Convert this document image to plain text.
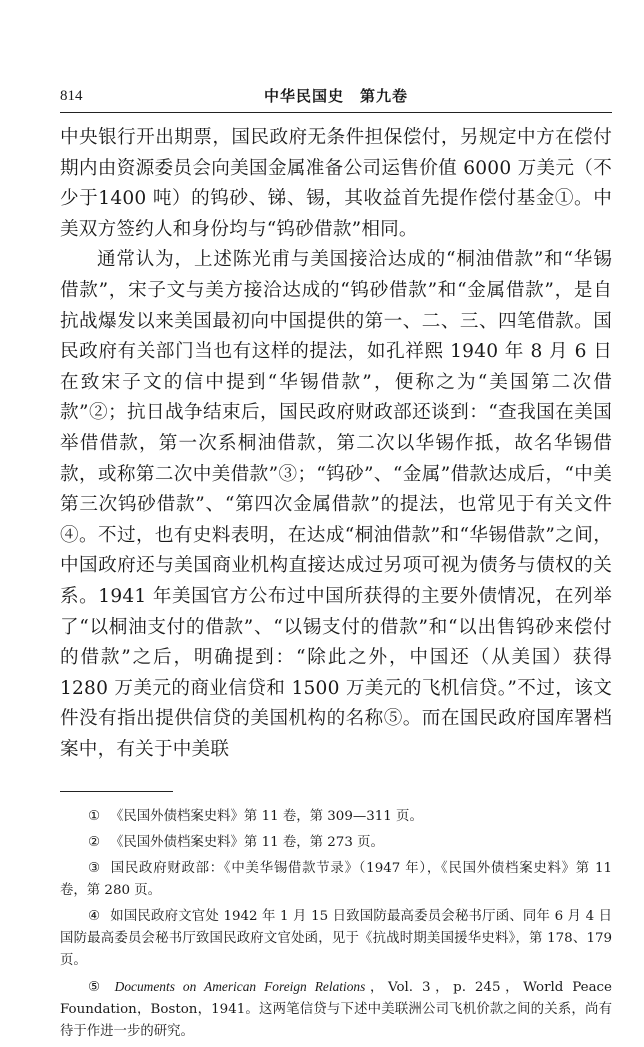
814	中华民国史　第九卷

中央银行开出期票，国民政府无条件担保偿付，另规定中方在偿付期内由资源委员会向美国金属准备公司运售价值 6000 万美元（不少于1400 吨）的钨砂、锑、锡，其收益首先提作偿付基金①。中美双方签约人和身份均与“钨砂借款”相同。

通常认为，上述陈光甫与美国接洽达成的“桐油借款”和“华锡借款”，宋子文与美方接洽达成的“钨砂借款”和“金属借款”，是自抗战爆发以来美国最初向中国提供的第一、二、三、四笔借款。国民政府有关部门当也有这样的提法，如孔祥熙 1940 年 8 月 6 日在致宋子文的信中提到“华锡借款”，便称之为“美国第二次借款”②；抗日战争结束后，国民政府财政部还谈到：“查我国在美国举借借款，第一次系桐油借款，第二次以华锡作抵，故名华锡借款，或称第二次中美借款”③；“钨砂”、“金属”借款达成后，“中美第三次钨砂借款”、“第四次金属借款”的提法，也常见于有关文件④。不过，也有史料表明，在达成“桐油借款”和“华锡借款”之间，中国政府还与美国商业机构直接达成过另项可视为债务与债权的关系。1941 年美国官方公布过中国所获得的主要外债情况，在列举了“以桐油支付的借款”、“以锡支付的借款”和“以出售钨砂来偿付的借款”之后，明确提到：“除此之外，中国还（从美国）获得 1280 万美元的商业信贷和 1500 万美元的飞机信贷。”不过，该文件没有指出提供信贷的美国机构的名称⑤。而在国民政府国库署档案中，有关于中美联

① 《民国外债档案史料》第 11 卷，第 309—311 页。

② 《民国外债档案史料》第 11 卷，第 273 页。

③ 国民政府财政部：《中美华锡借款节录》（1947 年），《民国外债档案史料》第 11 卷，第 280 页。

④ 如国民政府文官处 1942 年 1 月 15 日致国防最高委员会秘书厅函、同年 6 月 4 日国防最高委员会秘书厅致国民政府文官处函，见于《抗战时期美国援华史料》，第 178、179 页。

⑤ Documents on American Foreign Relations，Vol. 3，p. 245，World Peace Foundation，Boston，1941。这两笔信贷与下述中美联洲公司飞机价款之间的关系，尚有待于作进一步的研究。
